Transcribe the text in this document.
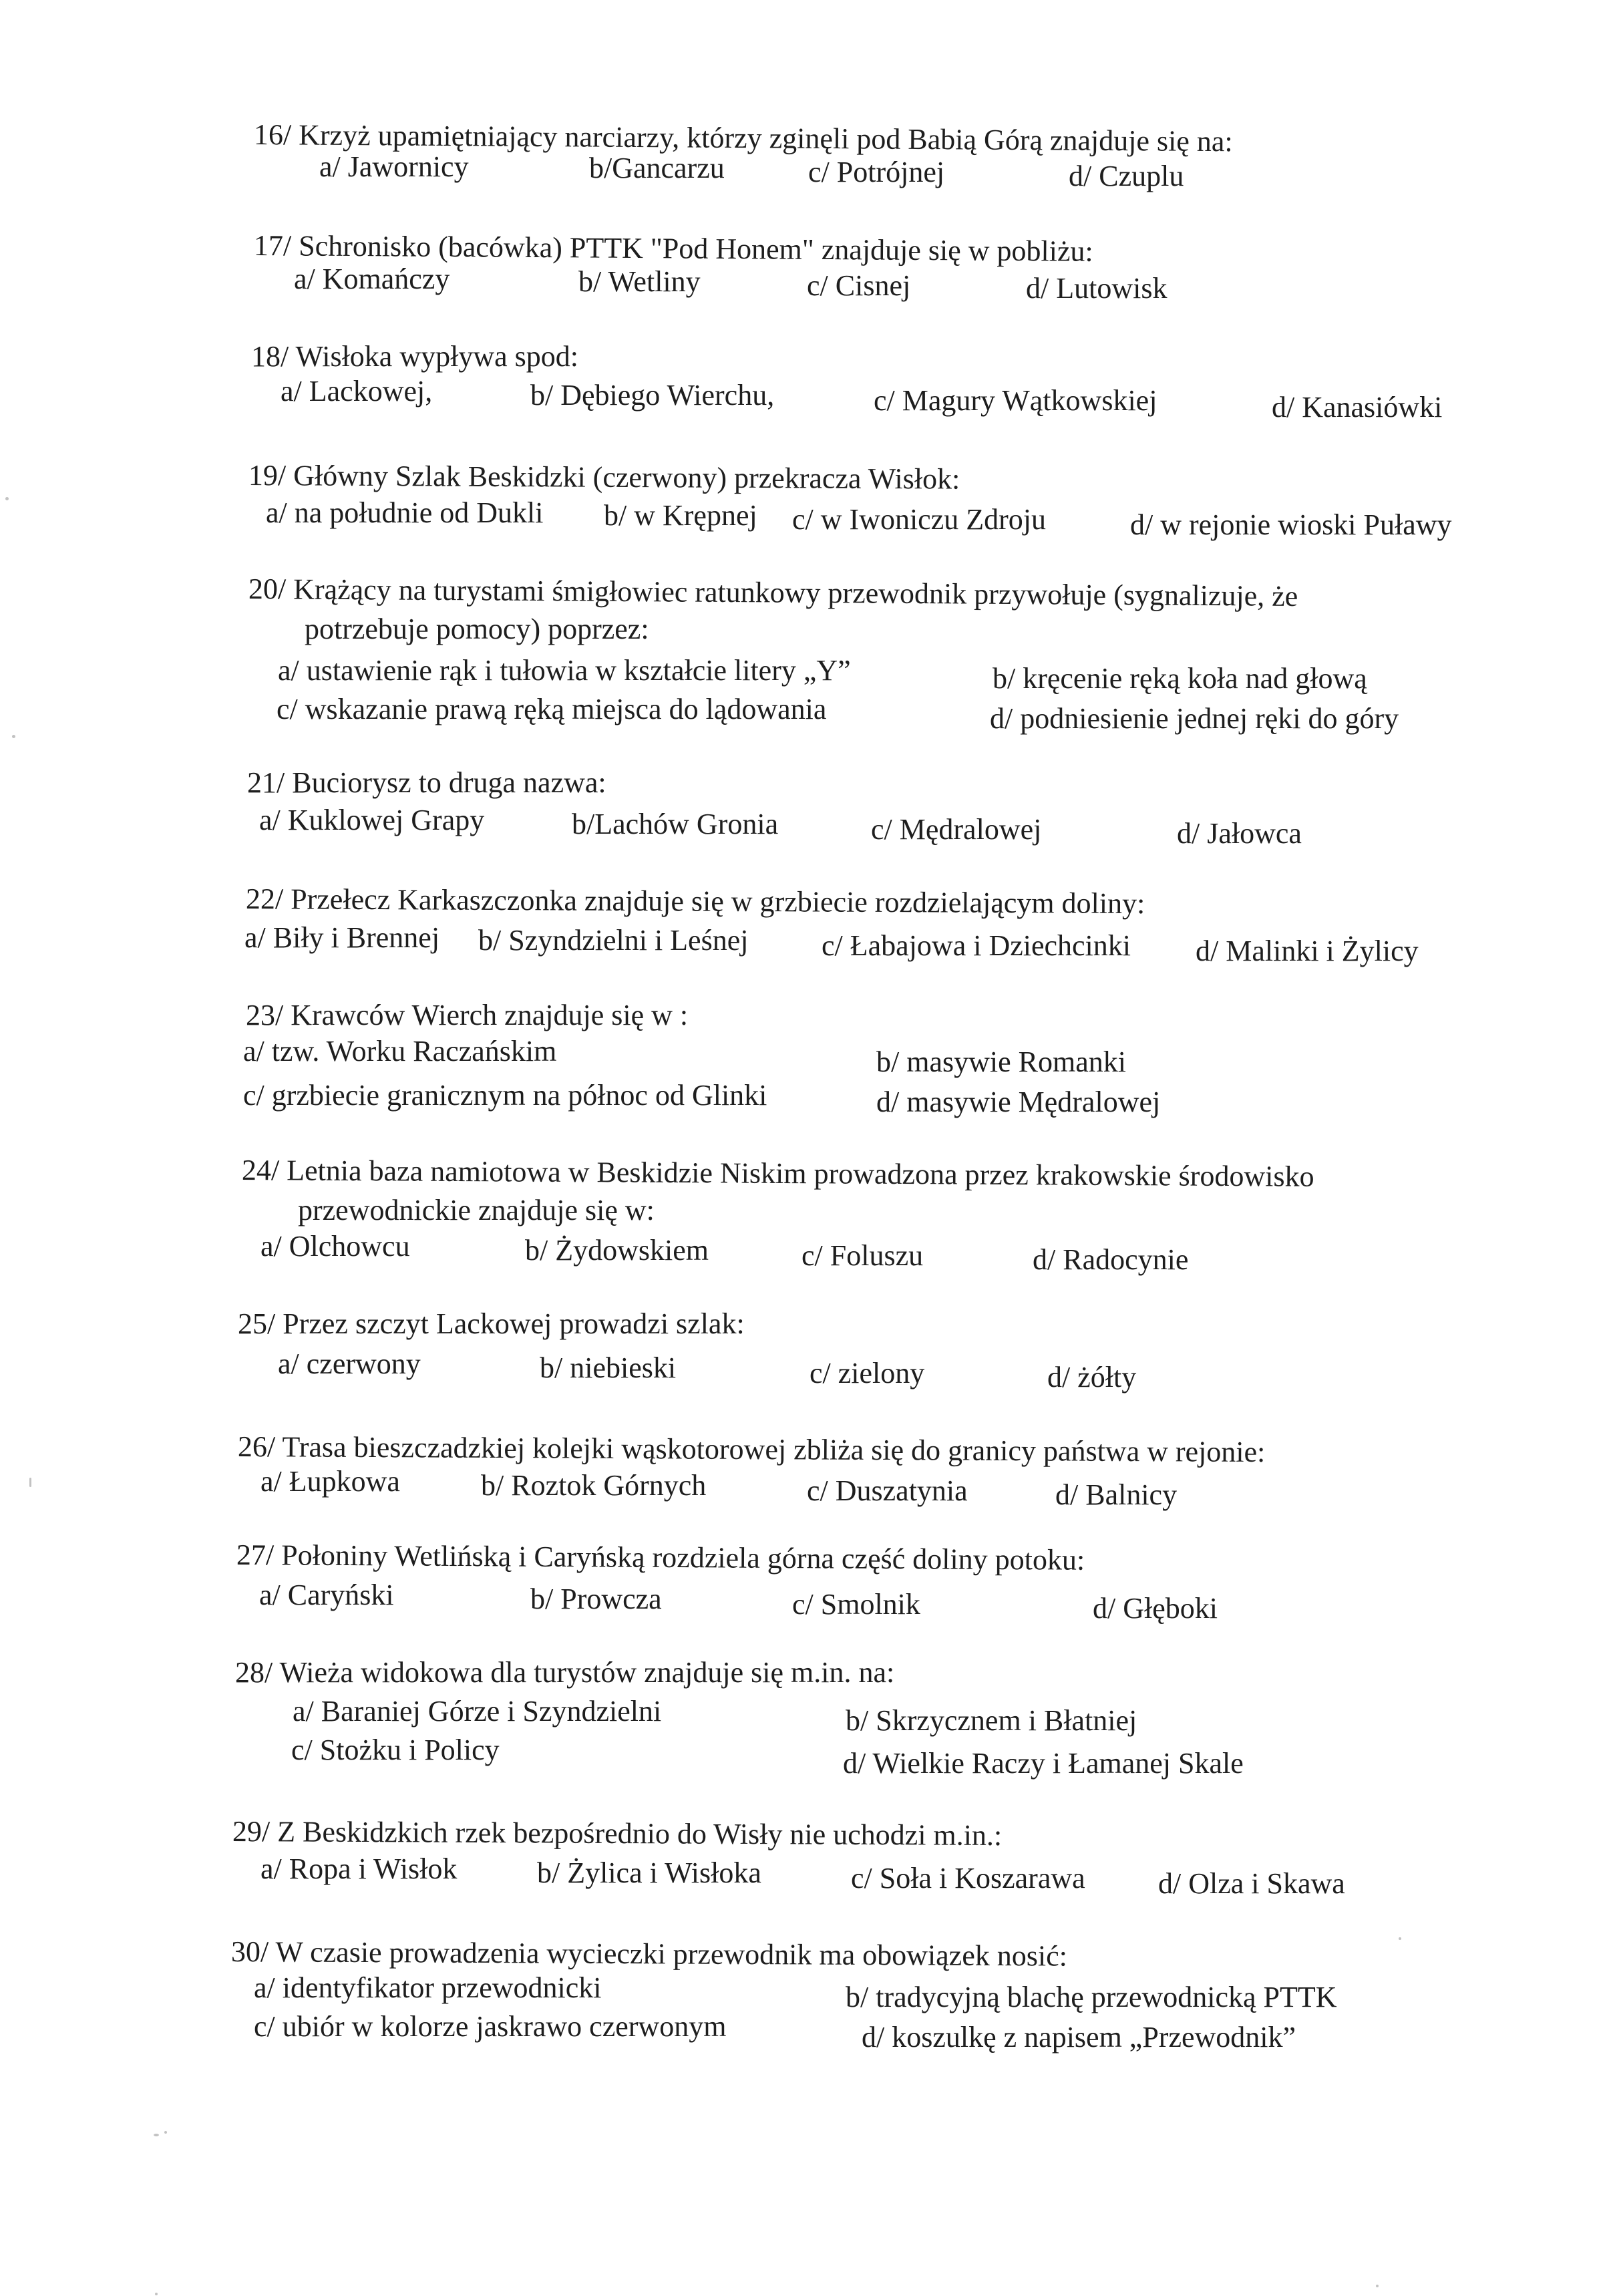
16/ Krzyż upamiętniający narciarzy, którzy zginęli pod Babią Górą znajduje się na:
a/ Jawornicy	b/Gancarzu	c/ Potrójnej	d/ Czuplu
17/ Schronisko (bacówka) PTTK "Pod Honem" znajduje się w pobliżu:
a/ Komańczy	b/ Wetliny	c/ Cisnej	d/ Lutowisk
18/ Wisłoka wypływa spod:
a/ Lackowej,	b/ Dębiego Wierchu,	c/ Magury Wątkowskiej	d/ Kanasiówki
19/ Główny Szlak Beskidzki (czerwony) przekracza Wisłok:
a/ na południe od Dukli b/ w Krępnej c/ w Iwoniczu Zdroju	d/ w rejonie wioski Puławy
20/ Krążący na turystami śmigłowiec ratunkowy przewodnik przywołuje (sygnalizuje, że
potrzebuje pomocy) poprzez:
a/ ustawienie rąk i tułowia w kształcie litery „Y”	b/ kręcenie ręką koła nad głową
c/ wskazanie prawą ręką miejsca do lądowania	d/ podniesienie jednej ręki do góry
21/ Buciorysz to druga nazwa:
a/ Kuklowej Grapy	b/Lachów Gronia	c/ Mędralowej	d/ Jałowca
22/ Przełecz Karkaszczonka znajduje się w grzbiecie rozdzielającym doliny:
a/ Biły i Brennej b/ Szyndzielni i Leśnej c/ Łabajowa i Dziechcinki d/ Malinki i Żylicy
23/ Krawców Wierch znajduje się w :
a/ tzw. Worku Raczańskim	b/ masywie Romanki
c/ grzbiecie granicznym na północ od Glinki	d/ masywie Mędralowej
24/ Letnia baza namiotowa w Beskidzie Niskim prowadzona przez krakowskie środowisko
przewodnickie znajduje się w:
a/ Olchowcu	b/ Żydowskiem	c/ Foluszu	d/ Radocynie
25/ Przez szczyt Lackowej prowadzi szlak:
a/ czerwony	b/ niebieski	c/ zielony	d/ żółty
26/ Trasa bieszczadzkiej kolejki wąskotorowej zbliża się do granicy państwa w rejonie:
a/ Łupkowa	b/ Roztok Górnych	c/ Duszatynia	d/ Balnicy
27/ Połoniny Wetlińską i Caryńską rozdziela górna część doliny potoku:
a/ Caryński	b/ Prowcza	c/ Smolnik	d/ Głęboki
28/ Wieża widokowa dla turystów znajduje się m.in. na:
a/ Baraniej Górze i Szyndzielni	b/ Skrzycznem i Błatniej
c/ Stożku i Policy	d/ Wielkie Raczy i Łamanej Skale
29/ Z Beskidzkich rzek bezpośrednio do Wisły nie uchodzi m.in.:
a/ Ropa i Wisłok	b/ Żylica i Wisłoka	c/ Soła i Koszarawa d/ Olza i Skawa
30/ W czasie prowadzenia wycieczki przewodnik ma obowiązek nosić:
a/ identyfikator przewodnicki	b/ tradycyjną blachę przewodnicką PTTK
c/ ubiór w kolorze jaskrawo czerwonym	d/ koszulkę z napisem „Przewodnik”
